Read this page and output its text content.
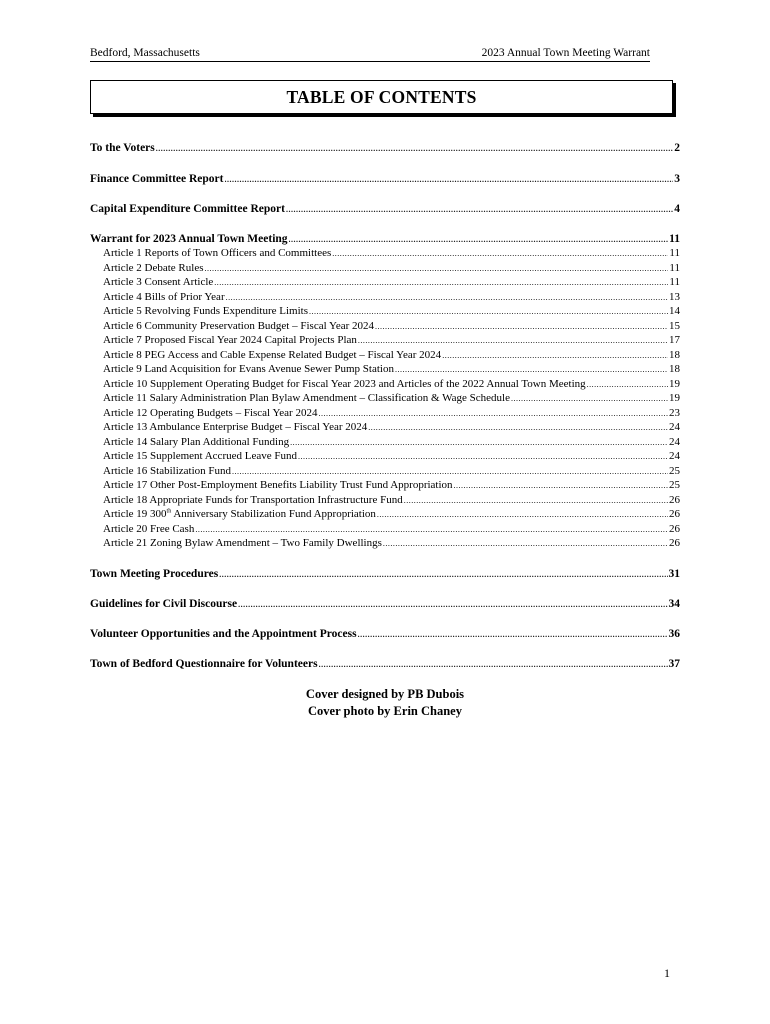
Bedford, Massachusetts	2023 Annual Town Meeting Warrant
TABLE OF CONTENTS
To the Voters .....	2
Finance Committee Report .....	3
Capital Expenditure Committee Report .....	4
Warrant for 2023 Annual Town Meeting .....	11
Article 1 Reports of Town Officers and Committees .....	11
Article 2 Debate Rules .....	11
Article 3 Consent Article .....	11
Article 4 Bills of Prior Year .....	13
Article 5 Revolving Funds Expenditure Limits .....	14
Article 6 Community Preservation Budget – Fiscal Year 2024 .....	15
Article 7 Proposed Fiscal Year 2024 Capital Projects Plan .....	17
Article 8 PEG Access and Cable Expense Related Budget – Fiscal Year 2024 .....	18
Article 9 Land Acquisition for Evans Avenue Sewer Pump Station .....	18
Article 10 Supplement Operating Budget for Fiscal Year 2023 and Articles of the 2022 Annual Town Meeting .....	19
Article 11 Salary Administration Plan Bylaw Amendment – Classification & Wage Schedule .....	19
Article 12 Operating Budgets – Fiscal Year 2024 .....	23
Article 13 Ambulance Enterprise Budget – Fiscal Year 2024 .....	24
Article 14 Salary Plan Additional Funding .....	24
Article 15 Supplement Accrued Leave Fund .....	24
Article 16 Stabilization Fund .....	25
Article 17 Other Post-Employment Benefits Liability Trust Fund Appropriation .....	25
Article 18 Appropriate Funds for Transportation Infrastructure Fund .....	26
Article 19 300th Anniversary Stabilization Fund Appropriation .....	26
Article 20 Free Cash .....	26
Article 21 Zoning Bylaw Amendment – Two Family Dwellings .....	26
Town Meeting Procedures .....	31
Guidelines for Civil Discourse .....	34
Volunteer Opportunities and the Appointment Process .....	36
Town of Bedford Questionnaire for Volunteers .....	37
Cover designed by PB Dubois
Cover photo by Erin Chaney
1
